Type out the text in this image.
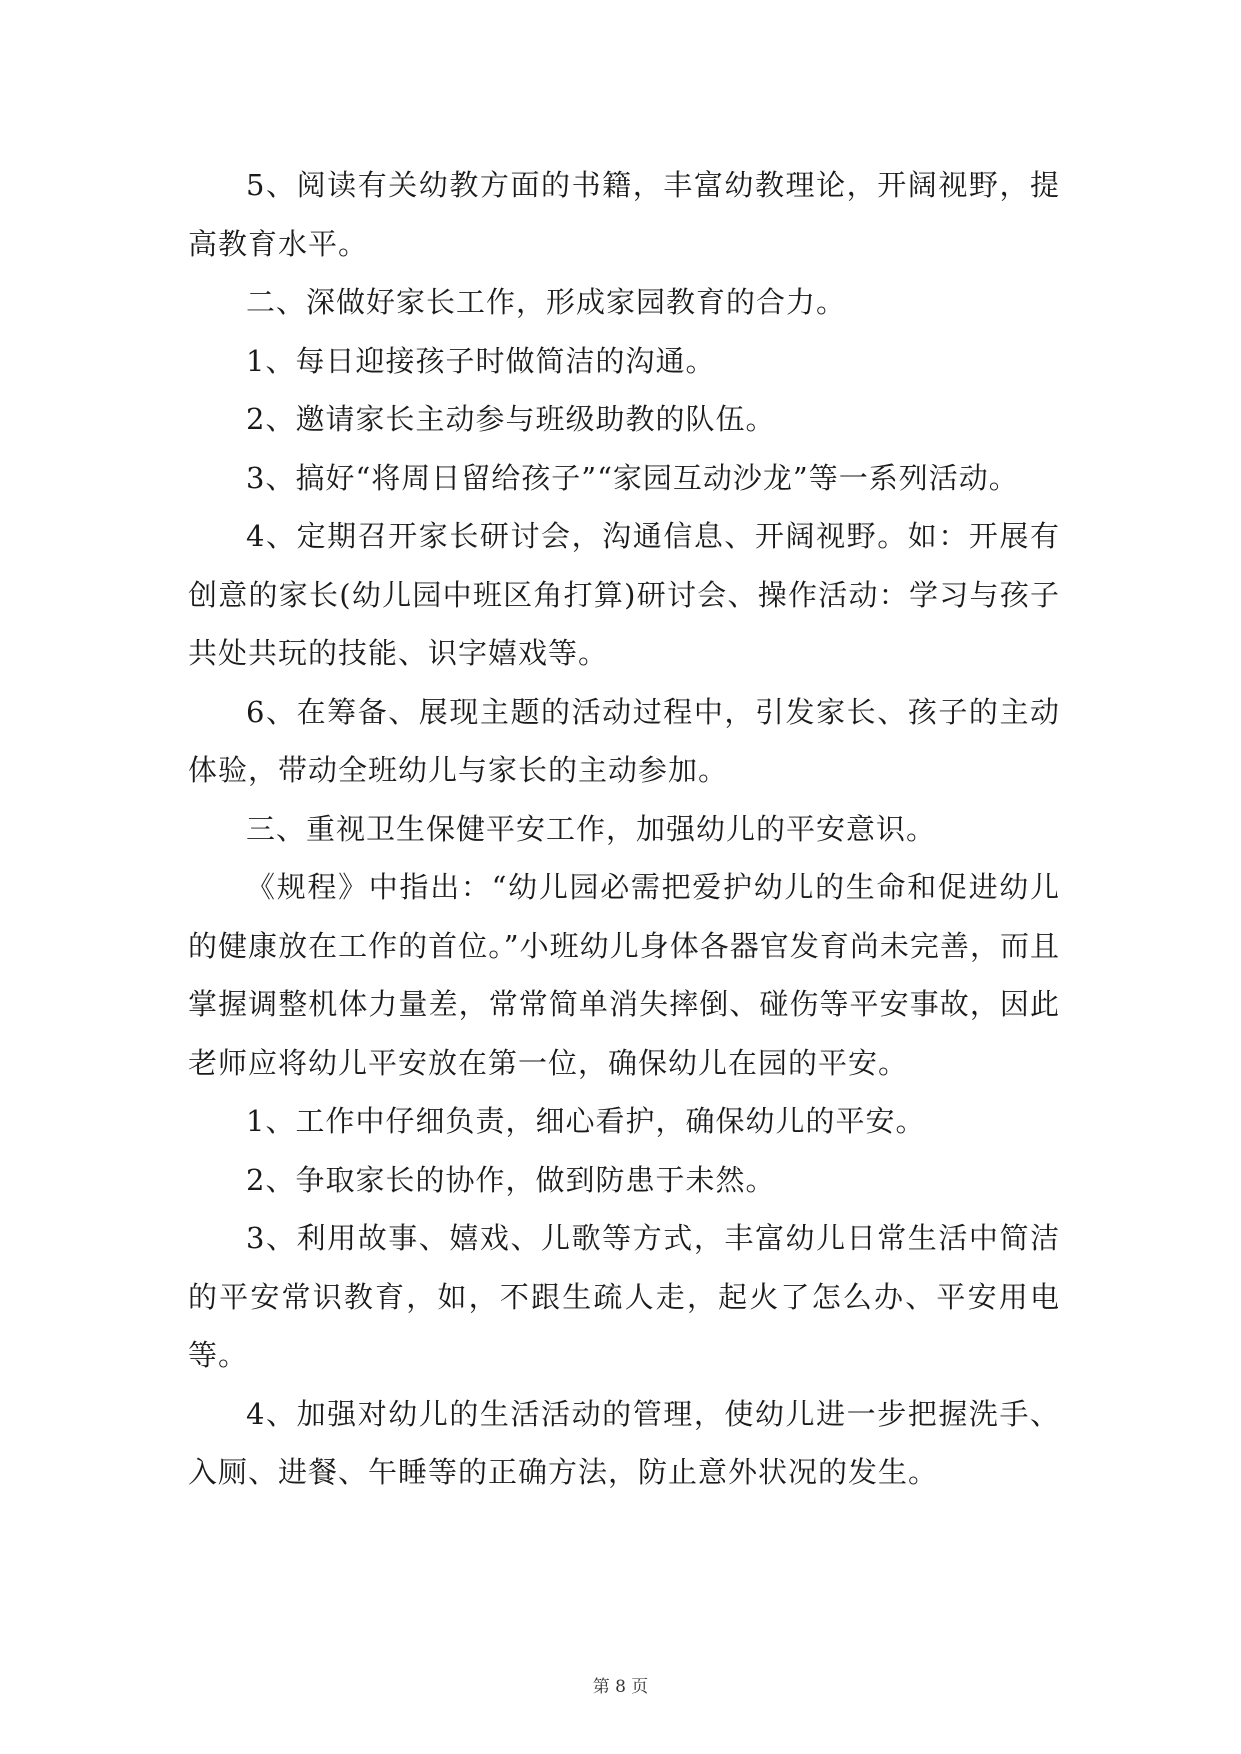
5、阅读有关幼教方面的书籍，丰富幼教理论，开阔视野，提高教育水平。

二、深做好家长工作，形成家园教育的合力。

1、每日迎接孩子时做简洁的沟通。

2、邀请家长主动参与班级助教的队伍。

3、搞好“将周日留给孩子”“家园互动沙龙”等一系列活动。

4、定期召开家长研讨会，沟通信息、开阔视野。如：开展有创意的家长(幼儿园中班区角打算)研讨会、操作活动：学习与孩子共处共玩的技能、识字嬉戏等。

6、在筹备、展现主题的活动过程中，引发家长、孩子的主动体验，带动全班幼儿与家长的主动参加。

三、重视卫生保健平安工作，加强幼儿的平安意识。

《规程》中指出：“幼儿园必需把爱护幼儿的生命和促进幼儿的健康放在工作的首位。”小班幼儿身体各器官发育尚未完善，而且掌握调整机体力量差，常常简单消失摔倒、碰伤等平安事故，因此老师应将幼儿平安放在第一位，确保幼儿在园的平安。

1、工作中仔细负责，细心看护，确保幼儿的平安。

2、争取家长的协作，做到防患于未然。

3、利用故事、嬉戏、儿歌等方式，丰富幼儿日常生活中简洁的平安常识教育，如，不跟生疏人走，起火了怎么办、平安用电等。

4、加强对幼儿的生活活动的管理，使幼儿进一步把握洗手、入厕、进餐、午睡等的正确方法，防止意外状况的发生。

第 8 页
